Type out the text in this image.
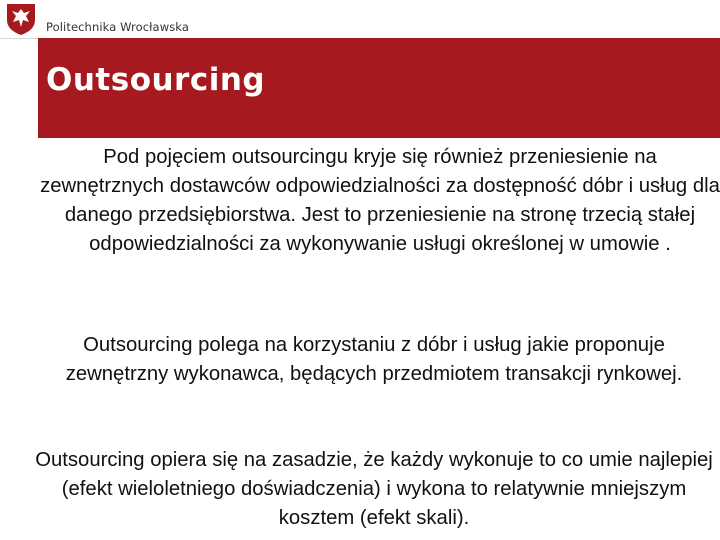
Politechnika Wrocławska
Outsourcing

Pod pojęciem outsourcingu kryje się również przeniesienie na zewnętrznych dostawców odpowiedzialności za dostępność dóbr i usług dla danego przedsiębiorstwa. Jest to przeniesienie na stronę trzecią stałej odpowiedzialności za wykonywanie usługi określonej w umowie .

Outsourcing polega na korzystaniu z dóbr i usług jakie proponuje zewnętrzny wykonawca, będących przedmiotem transakcji rynkowej.

Outsourcing opiera się na zasadzie, że każdy wykonuje to co umie najlepiej (efekt wieloletniego doświadczenia) i wykona to relatywnie mniejszym kosztem (efekt skali).
